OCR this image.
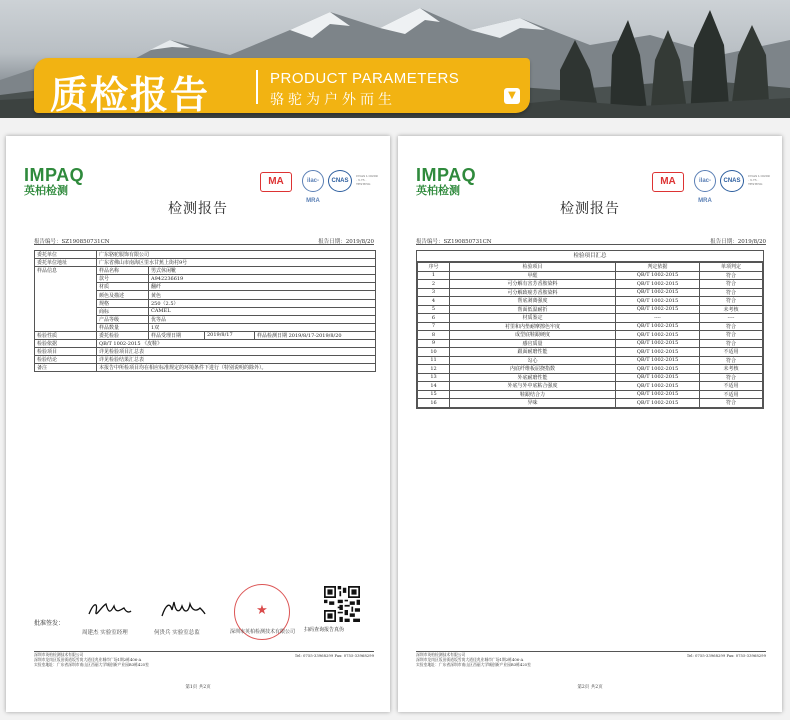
质检报告	PRODUCT PARAMETERS
骆驼为户外而生	▼
IMPAQ
英柏检测
MA	ilac-MRA
CNAS
CNAS L10209 · 3.73 · TESTING
检测报告
报告编号：SZ190850731CN	报告日期：2019/8/20
委托单位	广东骆驼服饰有限公司			
委托单位地址	广东省佛山市南海区里水甘蕉上街村9号			
样品信息	样品名称	男式休闲靴		
	款号	A942236619		
	材质	翻纤		
	颜色及描述	黄色		
	规格	250（2.5）		
	商标	CAMEL		
	产品等级	优等品		
	样品数量	1双		
检验性质	委托检验	样品受理日期	2019/8/17	样品检测日期 2019/8/17-2019/8/20
检验依据	QB/T 1002-2015 《皮鞋》			
检验项目	详见检验项目汇总表			
检验结论	详见检验结果汇总表			
备注	本报告中所检项目均在相应标准规定的环境条件下进行（特别说明的除外）。			
批准签发：
周建杰 实验室经理	何贵兵 实验室总监
★
深圳市英柏检测技术有限公司	扫码查询报告真伪
深圳市英柏检测技术有限公司
深圳市龙岗区坂田街道坂雪岗大道佳兆业城市广场1期2栋406-A
实验室地址：广东省深圳市南山区西丽大学城创新产业园B3栋425室
Tel: 0755-33968299 Fax: 0755-33968299
第1页 共2页
IMPAQ
英柏检测
MA	ilac-MRA
CNAS
CNAS L10209 · 3.73 · TESTING
检测报告
报告编号：SZ190850731CN	报告日期：2019/8/20
检验项目汇总
序号	检验项目	判定依据	单项判定
1	甲醛	QB/T 1002-2015	符合
2	可分解有害芳香胺染料	QB/T 1002-2015	符合
3	可分解致癌芳香胺染料	QB/T 1002-2015	符合
4	帮底剥离强度	QB/T 1002-2015	符合
5	帮面低温耐折	QB/T 1002-2015	未考核
6	材质鉴定	----	----
7	衬里和内垫耐摩擦色牢度	QB/T 1002-2015	符合
8	成型底鞋跟硬度	QB/T 1002-2015	符合
9	感官质量	QB/T 1002-2015	符合
10	跟面耐磨性能	QB/T 1002-2015	不适用
11	勾心	QB/T 1002-2015	符合
12	内底纤维板屈挠指数	QB/T 1002-2015	未考核
13	外底耐磨性能	QB/T 1002-2015	符合
14	外底与外中底粘合强度	QB/T 1002-2015	不适用
15	鞋跟结合力	QB/T 1002-2015	不适用
16	异味	QB/T 1002-2015	符合
深圳市英柏检测技术有限公司
深圳市龙岗区坂田街道坂雪岗大道佳兆业城市广场1期2栋406-A
实验室地址：广东省深圳市南山区西丽大学城创新产业园B3栋425室
Tel: 0755-33968299 Fax: 0755-33968299
第2页 共2页
